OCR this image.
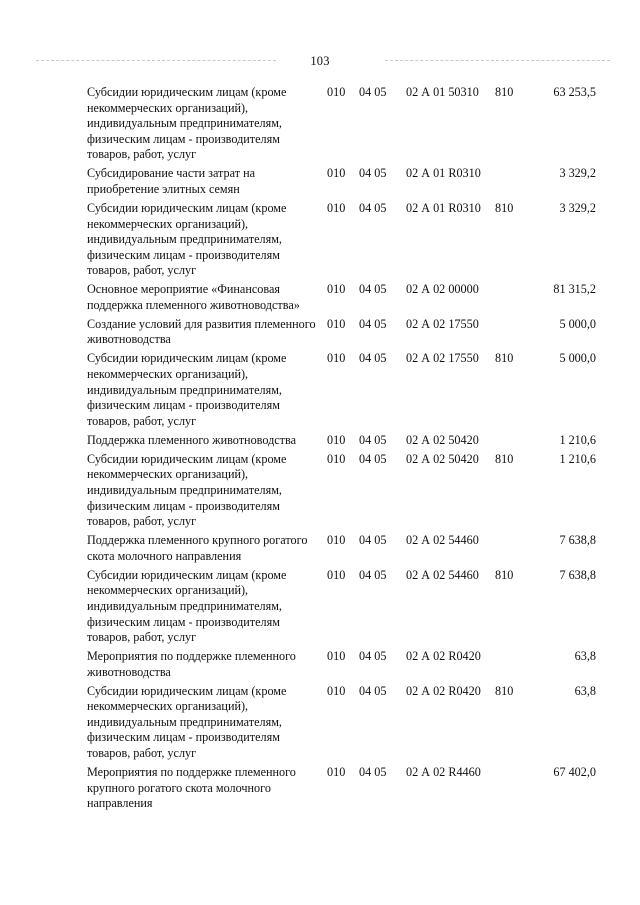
103
Субсидии юридическим лицам (кроме некоммерческих организаций), индивидуальным предпринимателям, физическим лицам - производителям товаров, работ, услуг
010 04 05 02 А 01 50310 810	63 253,5
Субсидирование части затрат на приобретение элитных семян
010 04 05 02 А 01 R0310	3 329,2
Субсидии юридическим лицам (кроме некоммерческих организаций), индивидуальным предпринимателям, физическим лицам - производителям товаров, работ, услуг
010 04 05 02 А 01 R0310 810	3 329,2
Основное мероприятие «Финансовая поддержка племенного животноводства»
010 04 05 02 А 02 00000	81 315,2
Создание условий для развития племенного животноводства
010 04 05 02 А 02 17550	5 000,0
Субсидии юридическим лицам (кроме некоммерческих организаций), индивидуальным предпринимателям, физическим лицам - производителям товаров, работ, услуг
010 04 05 02 А 02 17550 810	5 000,0
Поддержка племенного животноводства	010 04 05 02 А 02 50420	1 210,6
Субсидии юридическим лицам (кроме некоммерческих организаций), индивидуальным предпринимателям, физическим лицам - производителям товаров, работ, услуг
010 04 05 02 А 02 50420 810	1 210,6
Поддержка племенного крупного рогатого скота молочного направления
010 04 05 02 А 02 54460	7 638,8
Субсидии юридическим лицам (кроме некоммерческих организаций), индивидуальным предпринимателям, физическим лицам - производителям товаров, работ, услуг
010 04 05 02 А 02 54460 810	7 638,8
Мероприятия по поддержке племенного животноводства
010 04 05 02 А 02 R0420	63,8
Субсидии юридическим лицам (кроме некоммерческих организаций), индивидуальным предпринимателям, физическим лицам - производителям товаров, работ, услуг
010 04 05 02 А 02 R0420 810	63,8
Мероприятия по поддержке племенного крупного рогатого скота молочного направления
010 04 05 02 А 02 R4460	67 402,0
